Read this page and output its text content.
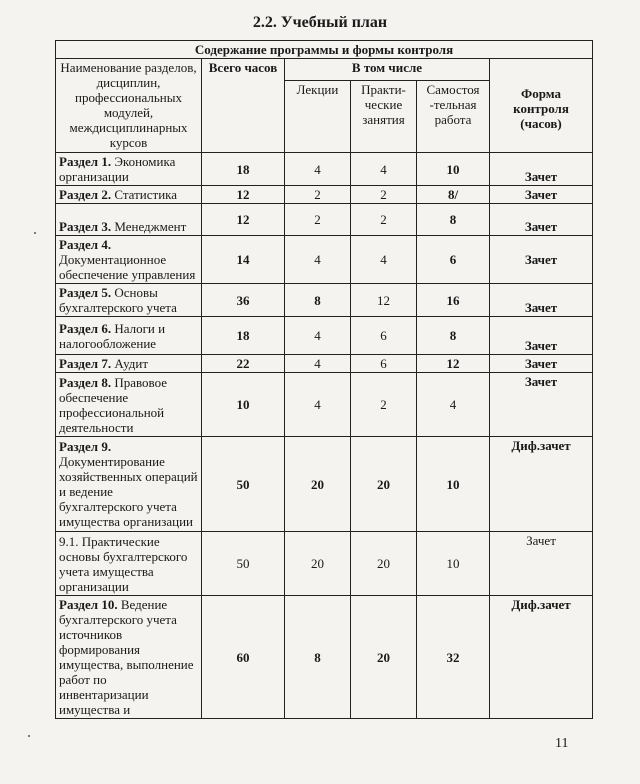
2.2. Учебный план
Содержание программы и формы контроля					
Наименование разделов, дисциплин, профессиональных модулей, междисциплинарных курсов	Всего часов	В том числе			Форма контроля (часов)
		Лекции	Практи-ческие занятия	Самостоя -тельная работа	
Раздел 1. Экономика организации	18	4	4	10	Зачет
Раздел 2. Статистика	12	2	2	8/	Зачет
Раздел 3. Менеджмент	12	2	2	8	Зачет
Раздел 4. Документационное обеспечение управления	14	4	4	6	Зачет
Раздел 5. Основы бухгалтерского учета	36	8	12	16	Зачет
Раздел 6. Налоги и налогообложение	18	4	6	8	Зачет
Раздел 7. Аудит	22	4	6	12	Зачет
Раздел 8. Правовое обеспечение профессиональной деятельности	10	4	2	4	Зачет
Раздел 9. Документирование хозяйственных операций и ведение бухгалтерского учета имущества организации	50	20	20	10	Диф.зачет
9.1. Практические основы бухгалтерского учета имущества организации	50	20	20	10	Зачет
Раздел 10. Ведение бухгалтерского учета источников формирования имущества, выполнение работ по инвентаризации имущества и	60	8	20	32	Диф.зачет
11
